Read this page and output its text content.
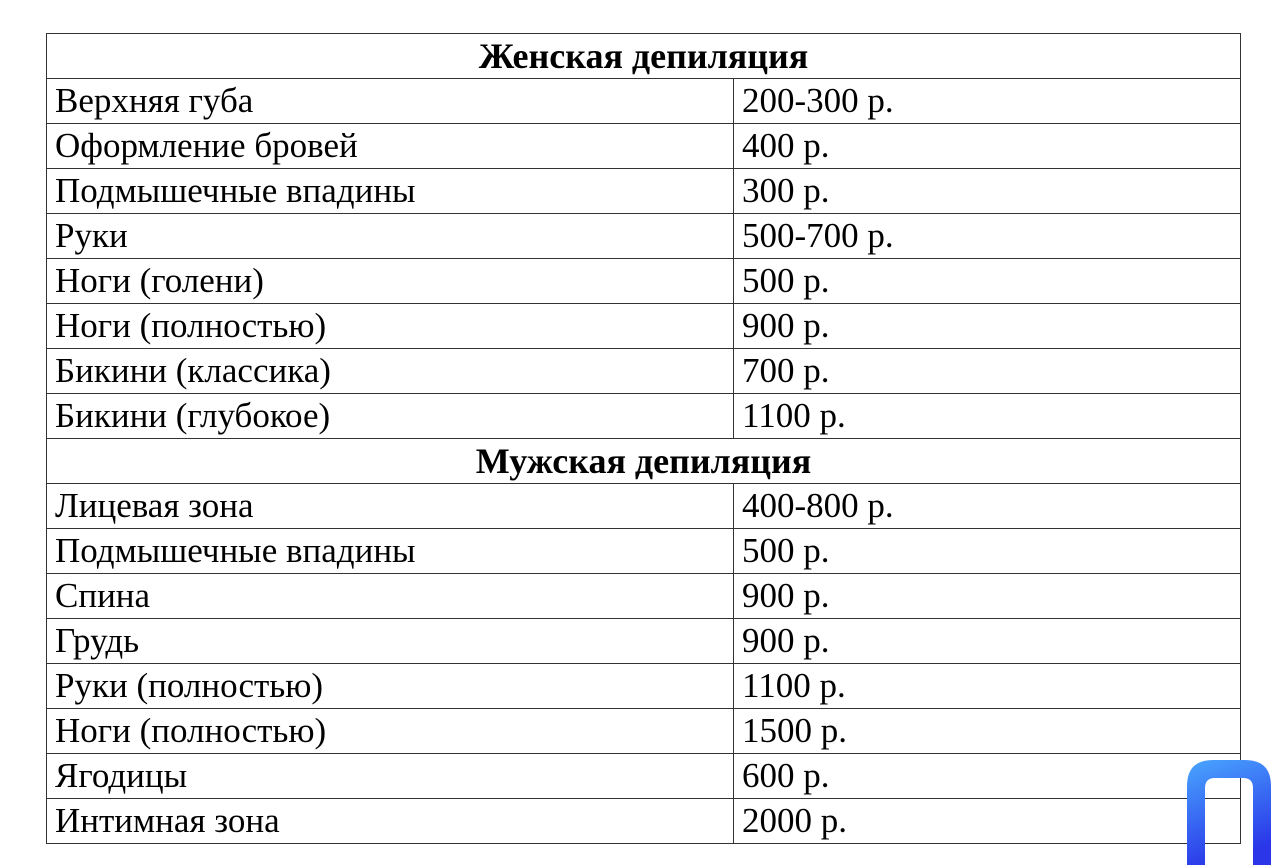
Женская депиляция	
Верхняя губа	200-300 р.
Оформление бровей	400 р.
Подмышечные впадины	300 р.
Руки	500-700 р.
Ноги (голени)	500 р.
Ноги (полностью)	900 р.
Бикини (классика)	700 р.
Бикини (глубокое)	1100 р.
Мужская депиляция	
Лицевая зона	400-800 р.
Подмышечные впадины	500 р.
Спина	900 р.
Грудь	900 р.
Руки (полностью)	1100 р.
Ноги (полностью)	1500 р.
Ягодицы	600 р.
Интимная зона	2000 р.
